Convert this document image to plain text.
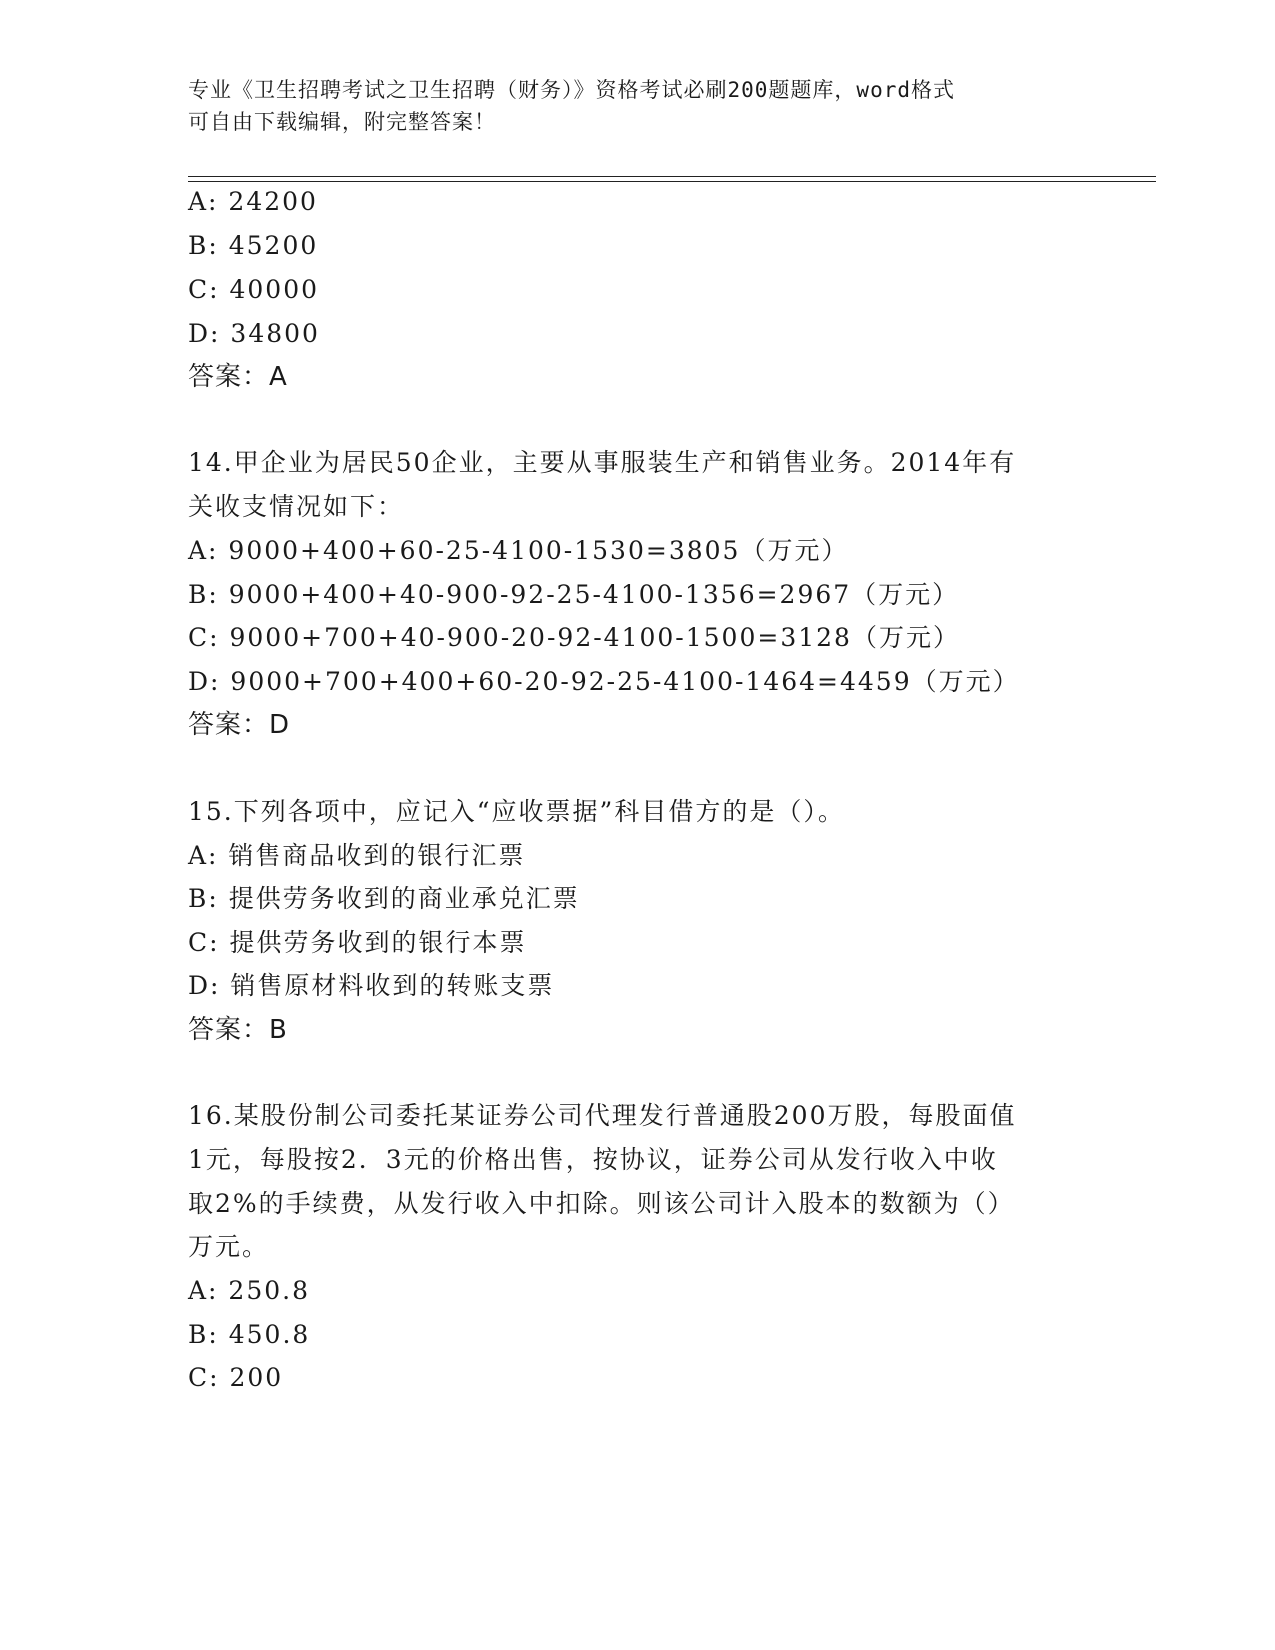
专业《卫生招聘考试之卫生招聘（财务）》资格考试必刷200题题库，word格式
可自由下载编辑，附完整答案！
A: 24200
B: 45200
C: 40000
D: 34800
答案：A
14.甲企业为居民50企业，主要从事服装生产和销售业务。2014年有
关收支情况如下：
A: 9000+400+60-25-4100-1530=3805（万元）
B: 9000+400+40-900-92-25-4100-1356=2967（万元）
C: 9000+700+40-900-20-92-4100-1500=3128（万元）
D: 9000+700+400+60-20-92-25-4100-1464=4459（万元）
答案：D
15.下列各项中，应记入“应收票据”科目借方的是（）。
A: 销售商品收到的银行汇票
B: 提供劳务收到的商业承兑汇票
C: 提供劳务收到的银行本票
D: 销售原材料收到的转账支票
答案：B
16.某股份制公司委托某证券公司代理发行普通股200万股，每股面值
1元，每股按2．3元的价格出售，按协议，证券公司从发行收入中收
取2%的手续费，从发行收入中扣除。则该公司计入股本的数额为（）
万元。
A: 250.8
B: 450.8
C: 200
